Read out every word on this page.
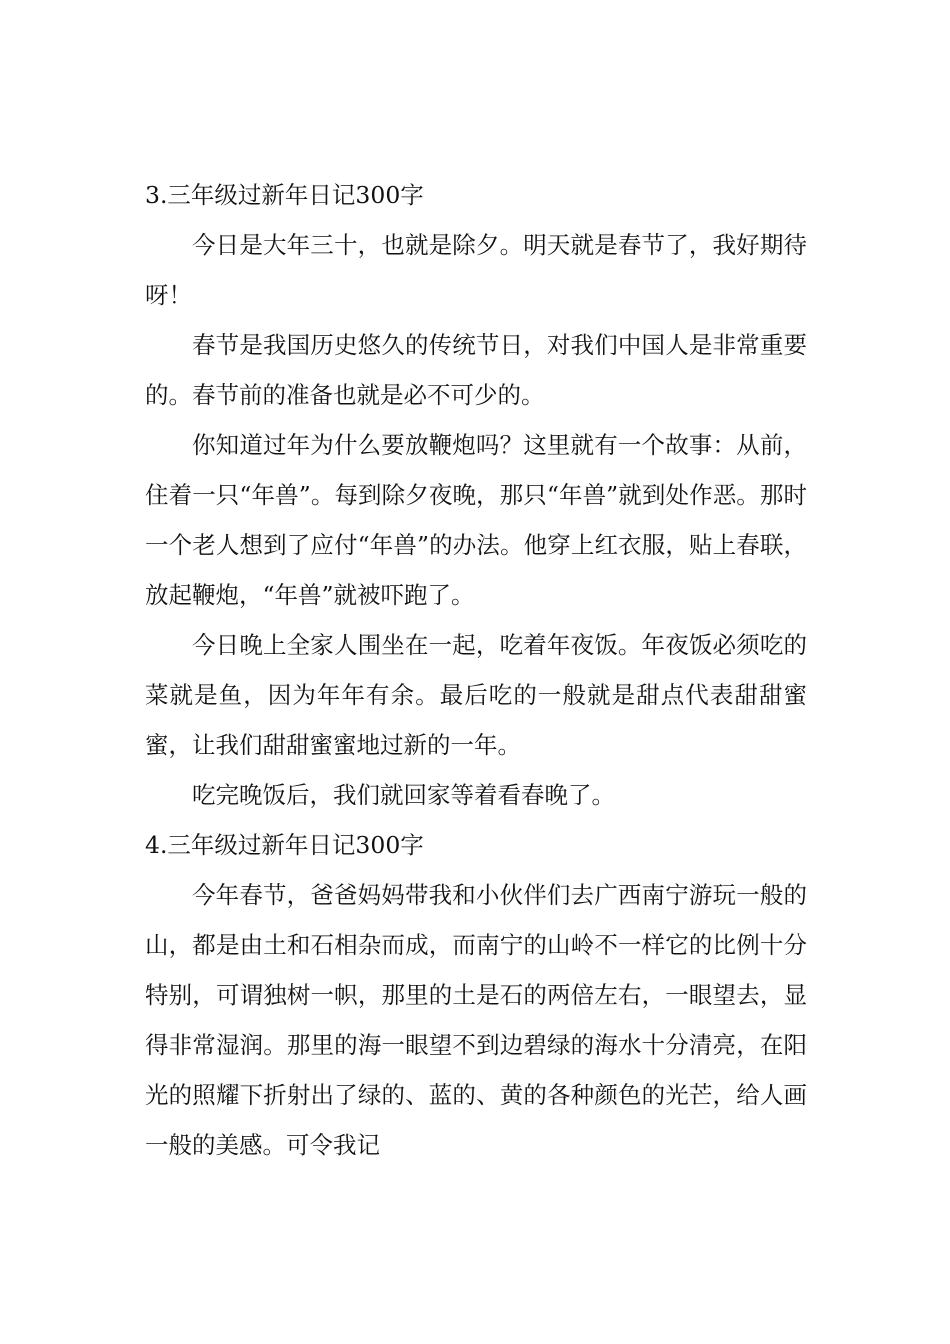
3.三年级过新年日记300字

今日是大年三十，也就是除夕。明天就是春节了，我好期待呀！

春节是我国历史悠久的传统节日，对我们中国人是非常重要的。春节前的准备也就是必不可少的。

你知道过年为什么要放鞭炮吗？这里就有一个故事：从前，住着一只“年兽”。每到除夕夜晚，那只“年兽”就到处作恶。那时一个老人想到了应付“年兽”的办法。他穿上红衣服，贴上春联，放起鞭炮，“年兽”就被吓跑了。

今日晚上全家人围坐在一起，吃着年夜饭。年夜饭必须吃的菜就是鱼，因为年年有余。最后吃的一般就是甜点代表甜甜蜜蜜，让我们甜甜蜜蜜地过新的一年。

吃完晚饭后，我们就回家等着看春晚了。

4.三年级过新年日记300字

今年春节，爸爸妈妈带我和小伙伴们去广西南宁游玩一般的山，都是由土和石相杂而成，而南宁的山岭不一样它的比例十分特别，可谓独树一帜，那里的土是石的两倍左右，一眼望去，显得非常湿润。那里的海一眼望不到边碧绿的海水十分清亮，在阳光的照耀下折射出了绿的、蓝的、黄的各种颜色的光芒，给人画一般的美感。可令我记
